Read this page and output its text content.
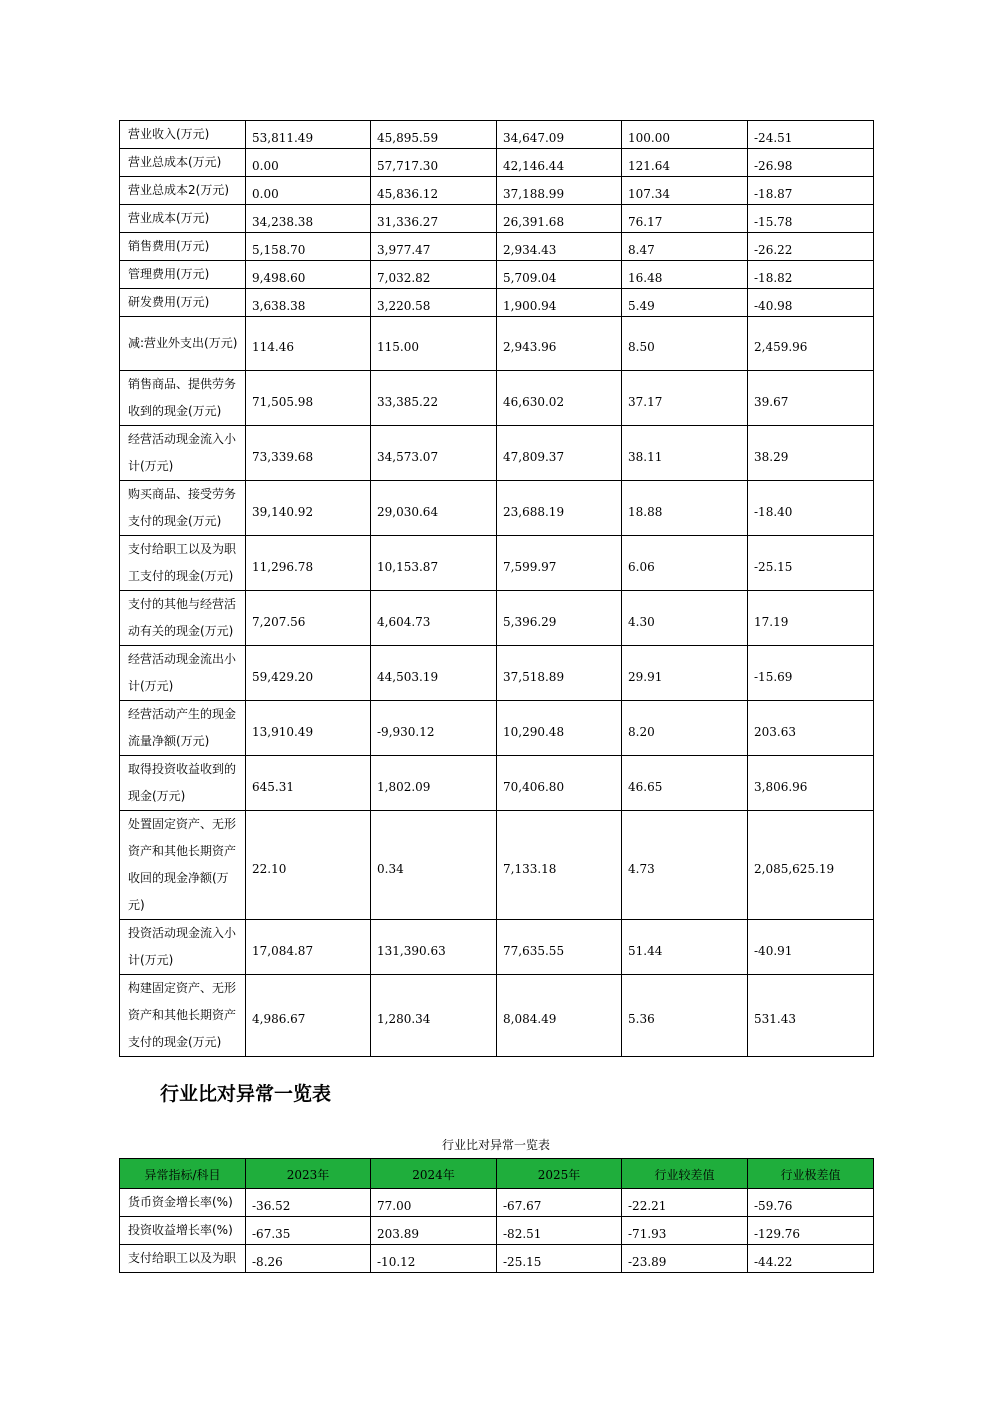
营业收入(万元)	53,811.49	45,895.59	34,647.09	100.00	-24.51
营业总成本(万元)	0.00	57,717.30	42,146.44	121.64	-26.98
营业总成本2(万元)	0.00	45,836.12	37,188.99	107.34	-18.87
营业成本(万元)	34,238.38	31,336.27	26,391.68	76.17	-15.78
销售费用(万元)	5,158.70	3,977.47	2,934.43	8.47	-26.22
管理费用(万元)	9,498.60	7,032.82	5,709.04	16.48	-18.82
研发费用(万元)	3,638.38	3,220.58	1,900.94	5.49	-40.98
减:营业外支出(万元)	114.46	115.00	2,943.96	8.50	2,459.96
销售商品、提供劳务收到的现金(万元)	71,505.98	33,385.22	46,630.02	37.17	39.67
经营活动现金流入小计(万元)	73,339.68	34,573.07	47,809.37	38.11	38.29
购买商品、接受劳务支付的现金(万元)	39,140.92	29,030.64	23,688.19	18.88	-18.40
支付给职工以及为职工支付的现金(万元)	11,296.78	10,153.87	7,599.97	6.06	-25.15
支付的其他与经营活动有关的现金(万元)	7,207.56	4,604.73	5,396.29	4.30	17.19
经营活动现金流出小计(万元)	59,429.20	44,503.19	37,518.89	29.91	-15.69
经营活动产生的现金流量净额(万元)	13,910.49	-9,930.12	10,290.48	8.20	203.63
取得投资收益收到的现金(万元)	645.31	1,802.09	70,406.80	46.65	3,806.96
处置固定资产、无形资产和其他长期资产收回的现金净额(万元)	22.10	0.34	7,133.18	4.73	2,085,625.19
投资活动现金流入小计(万元)	17,084.87	131,390.63	77,635.55	51.44	-40.91
构建固定资产、无形资产和其他长期资产支付的现金(万元)	4,986.67	1,280.34	8,084.49	5.36	531.43
行业比对异常一览表
行业比对异常一览表
异常指标/科目	2023年	2024年	2025年	行业较差值	行业极差值
货币资金增长率(%)	-36.52	77.00	-67.67	-22.21	-59.76
投资收益增长率(%)	-67.35	203.89	-82.51	-71.93	-129.76
支付给职工以及为职	-8.26	-10.12	-25.15	-23.89	-44.22
